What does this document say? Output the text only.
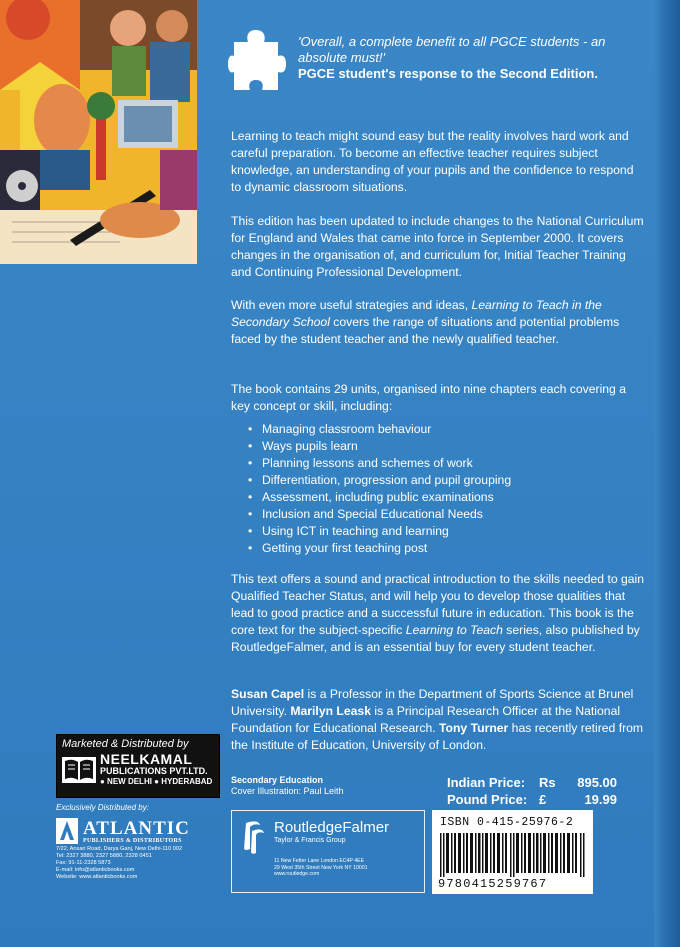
'Overall, a complete benefit to all PGCE students - an absolute must!'
PGCE student's response to the Second Edition.
Learning to teach might sound easy but the reality involves hard work and careful preparation. To become an effective teacher requires subject knowledge, an understanding of your pupils and the confidence to respond to dynamic classroom situations.
This edition has been updated to include changes to the National Curriculum for England and Wales that came into force in September 2000. It covers changes in the organisation of, and curriculum for, Initial Teacher Training and Continuing Professional Development.
With even more useful strategies and ideas, Learning to Teach in the Secondary School covers the range of situations and potential problems faced by the student teacher and the newly qualified teacher.
The book contains 29 units, organised into nine chapters each covering a key concept or skill, including:
• Managing classroom behaviour
• Ways pupils learn
• Planning lessons and schemes of work
• Differentiation, progression and pupil grouping
• Assessment, including public examinations
• Inclusion and Special Educational Needs
• Using ICT in teaching and learning
• Getting your first teaching post
This text offers a sound and practical introduction to the skills needed to gain Qualified Teacher Status, and will help you to develop those qualities that lead to good practice and a successful future in education. This book is the core text for the subject-specific Learning to Teach series, also published by RoutledgeFalmer, and is an essential buy for every student teacher.
Susan Capel is a Professor in the Department of Sports Science at Brunel University. Marilyn Leask is a Principal Research Officer at the National Foundation for Educational Research. Tony Turner has recently retired from the Institute of Education, University of London.
Marketed & Distributed by
NEELKAMAL
PUBLICATIONS PVT.LTD.
● NEW DELHI ● HYDERABAD
Exclusively Distributed by:
ATLANTIC
PUBLISHERS & DISTRIBUTORS
7/22, Ansari Road, Darya Ganj, New Delhi-110 002
Tel: 2327 3880, 2327 5880, 2328 0451
Fax: 91-11-2328 5873
E-mail: info@atlanticbooks.com
Website: www.atlanticbooks.com
Secondary Education
Cover Illustration: Paul Leith
Indian Price:	Rs	895.00
Pound Price: £	19.99
RoutledgeFalmer
Taylor & Francis Group
11 New Fetter Lane London EC4P 4EE
29 West 35th Street New York NY 10001
www.routledge.com
ISBN 0-415-25976-2
9780415259767
